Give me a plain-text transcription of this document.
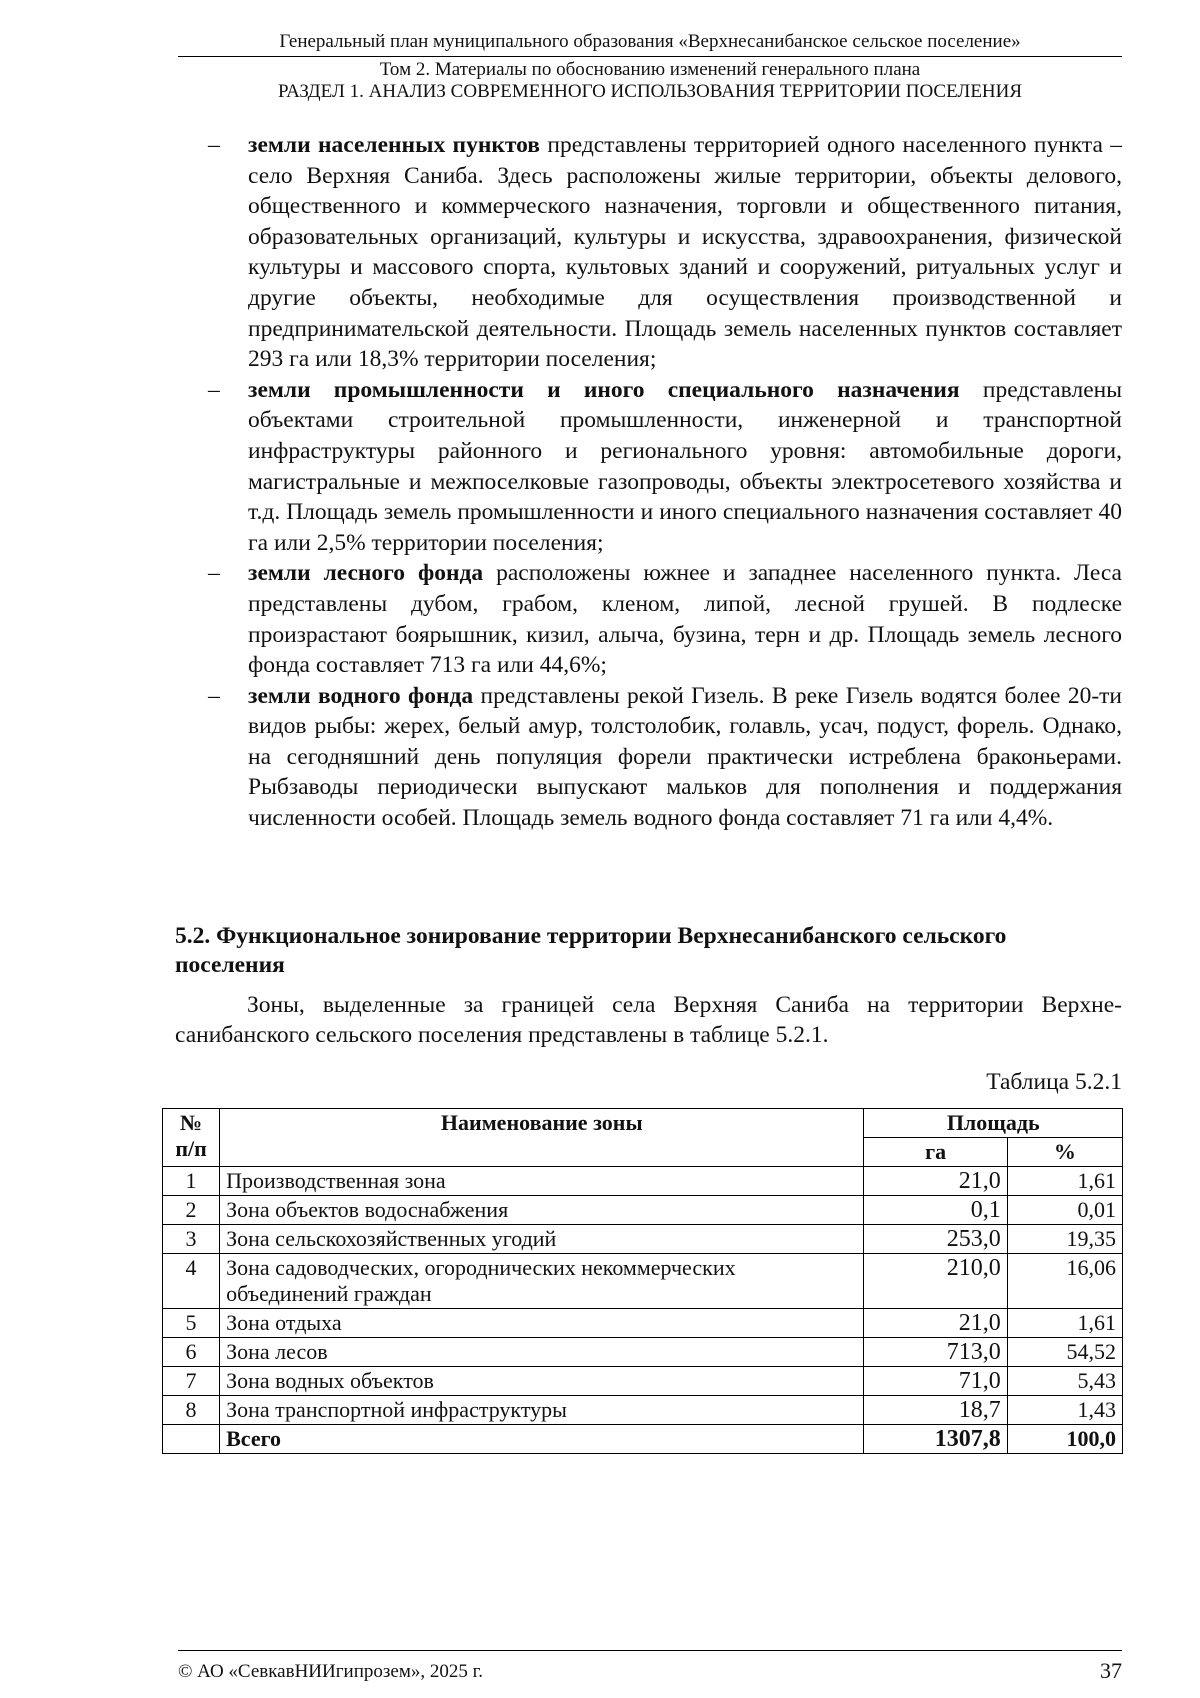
Генеральный план муниципального образования «Верхнесанибанское сельское поселение»
Том 2. Материалы по обоснованию изменений генерального плана
РАЗДЕЛ 1. АНАЛИЗ СОВРЕМЕННОГО ИСПОЛЬЗОВАНИЯ ТЕРРИТОРИИ ПОСЕЛЕНИЯ
– земли населенных пунктов представлены территорией одного населенного пункта – село Верхняя Саниба. Здесь расположены жилые территории, объекты делового, общественного и коммерческого назначения, торговли и общественного питания, образовательных организаций, культуры и искусства, здравоохранения, физической культуры и массового спорта, культовых зданий и сооружений, ритуальных услуг и другие объекты, необходимые для осуществления производственной и предпринимательской деятельности. Площадь земель населенных пунктов составляет 293 га или 18,3% территории поселения;
– земли промышленности и иного специального назначения представлены объектами строительной промышленности, инженерной и транспортной инфраструктуры районного и регионального уровня: автомобильные дороги, магистральные и межпоселковые газопроводы, объекты электросетевого хозяйства и т.д. Площадь земель промышленности и иного специального назначения составляет 40 га или 2,5% территории поселения;
– земли лесного фонда расположены южнее и западнее населенного пункта. Леса представлены дубом, грабом, кленом, липой, лесной грушей. В подлеске произрастают боярышник, кизил, алыча, бузина, терн и др. Площадь земель лесного фонда составляет 713 га или 44,6%;
– земли водного фонда представлены рекой Гизель. В реке Гизель водятся более 20-ти видов рыбы: жерех, белый амур, толстолобик, голавль, усач, подуст, форель. Однако, на сегодняшний день популяция форели практически истреблена браконьерами. Рыбзаводы периодически выпускают мальков для пополнения и поддержания численности особей. Площадь земель водного фонда составляет 71 га или 4,4%.
5.2. Функциональное зонирование территории Верхнесанибанского сельского поселения
Зоны, выделенные за границей села Верхняя Саниба на территории Верхне-санибанского сельского поселения представлены в таблице 5.2.1.
Таблица 5.2.1
№ п/п	Наименование зоны	Площадь	
		га	%
1	Производственная зона	21,0	1,61
2	Зона объектов водоснабжения	0,1	0,01
3	Зона сельскохозяйственных угодий	253,0	19,35
4	Зона садоводческих, огороднических некоммерческих объединений граждан	210,0	16,06
5	Зона отдыха	21,0	1,61
6	Зона лесов	713,0	54,52
7	Зона водных объектов	71,0	5,43
8	Зона транспортной инфраструктуры	18,7	1,43
	Всего	1307,8	100,0
© АО «СевкавНИИгипрозем», 2025 г.	37
